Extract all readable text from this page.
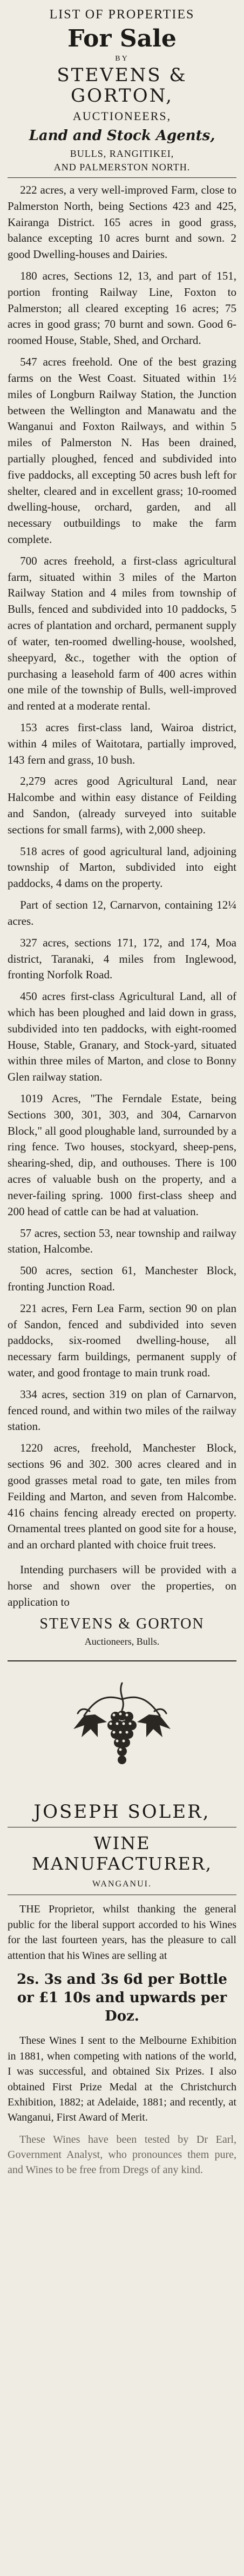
LIST OF PROPERTIES
For Sale
BY
STEVENS & GORTON,
AUCTIONEERS,
Land and Stock Agents,
BULLS, RANGITIKEI,
AND PALMERSTON NORTH.

222 acres, a very well-improved Farm, close to Palmerston North, being Sections 423 and 425, Kairanga District. 165 acres in good grass, balance excepting 10 acres burnt and sown. 2 good Dwelling-houses and Dairies.

180 acres, Sections 12, 13, and part of 151, portion fronting Railway Line, Foxton to Palmerston; all cleared excepting 16 acres; 75 acres in good grass; 70 burnt and sown. Good 6-roomed House, Stable, Shed, and Orchard.

547 acres freehold. One of the best grazing farms on the West Coast. Situated within 1½ miles of Longburn Railway Station, the Junction between the Wellington and Manawatu and the Wanganui and Foxton Railways, and within 5 miles of Palmerston N. Has been drained, partially ploughed, fenced and subdivided into five paddocks, all excepting 50 acres bush left for shelter, cleared and in excellent grass; 10-roomed dwelling-house, orchard, garden, and all necessary outbuildings to make the farm complete.

700 acres freehold, a first-class agricultural farm, situated within 3 miles of the Marton Railway Station and 4 miles from township of Bulls, fenced and subdivided into 10 paddocks, 5 acres of plantation and orchard, permanent supply of water, ten-roomed dwelling-house, woolshed, sheepyard, &c., together with the option of purchasing a leasehold farm of 400 acres within one mile of the township of Bulls, well-improved and rented at a moderate rental.

153 acres first-class land, Wairoa district, within 4 miles of Waitotara, partially improved, 143 fern and grass, 10 bush.

2,279 acres good Agricultural Land, near Halcombe and within easy distance of Feilding and Sandon, (already surveyed into suitable sections for small farms), with 2,000 sheep.

518 acres of good agricultural land, adjoining township of Marton, subdivided into eight paddocks, 4 dams on the property.

Part of section 12, Carnarvon, containing 12¼ acres.

327 acres, sections 171, 172, and 174, Moa district, Taranaki, 4 miles from Inglewood, fronting Norfolk Road.

450 acres first-class Agricultural Land, all of which has been ploughed and laid down in grass, subdivided into ten paddocks, with eight-roomed House, Stable, Granary, and Stock-yard, situated within three miles of Marton, and close to Bonny Glen railway station.

1019 Acres, "The Ferndale Estate, being Sections 300, 301, 303, and 304, Carnarvon Block," all good ploughable land, surrounded by a ring fence. Two houses, stockyard, sheep-pens, shearing-shed, dip, and outhouses. There is 100 acres of valuable bush on the property, and a never-failing spring. 1000 first-class sheep and 200 head of cattle can be had at valuation.

57 acres, section 53, near township and railway station, Halcombe.

500 acres, section 61, Manchester Block, fronting Junction Road.

221 acres, Fern Lea Farm, section 90 on plan of Sandon, fenced and subdivided into seven paddocks, six-roomed dwelling-house, all necessary farm buildings, permanent supply of water, and good frontage to main trunk road.

334 acres, section 319 on plan of Carnarvon, fenced round, and within two miles of the railway station.

1220 acres, freehold, Manchester Block, sections 96 and 302. 300 acres cleared and in good grasses metal road to gate, ten miles from Feilding and Marton, and seven from Halcombe. 416 chains fencing already erected on property. Ornamental trees planted on good site for a house, and an orchard planted with choice fruit trees.

Intending purchasers will be provided with a horse and shown over the properties, on application to

STEVENS & GORTON
Auctioneers, Bulls.
JOSEPH SOLER,
WINE MANUFACTURER,
WANGANUI.

THE Proprietor, whilst thanking the general public for the liberal support accorded to his Wines for the last fourteen years, has the pleasure to call attention that his Wines are selling at

2s. 3s and 3s 6d per Bottle or £1 10s and upwards per Doz.

These Wines I sent to the Melbourne Exhibition in 1881, when competing with nations of the world, I was successful, and obtained Six Prizes. I also obtained First Prize Medal at the Christchurch Exhibition, 1882; at Adelaide, 1881; and recently, at Wanganui, First Award of Merit.

These Wines have been tested by Dr Earl, Government Analyst, who pronounces them pure, and Wines to be free from Dregs of any kind.
